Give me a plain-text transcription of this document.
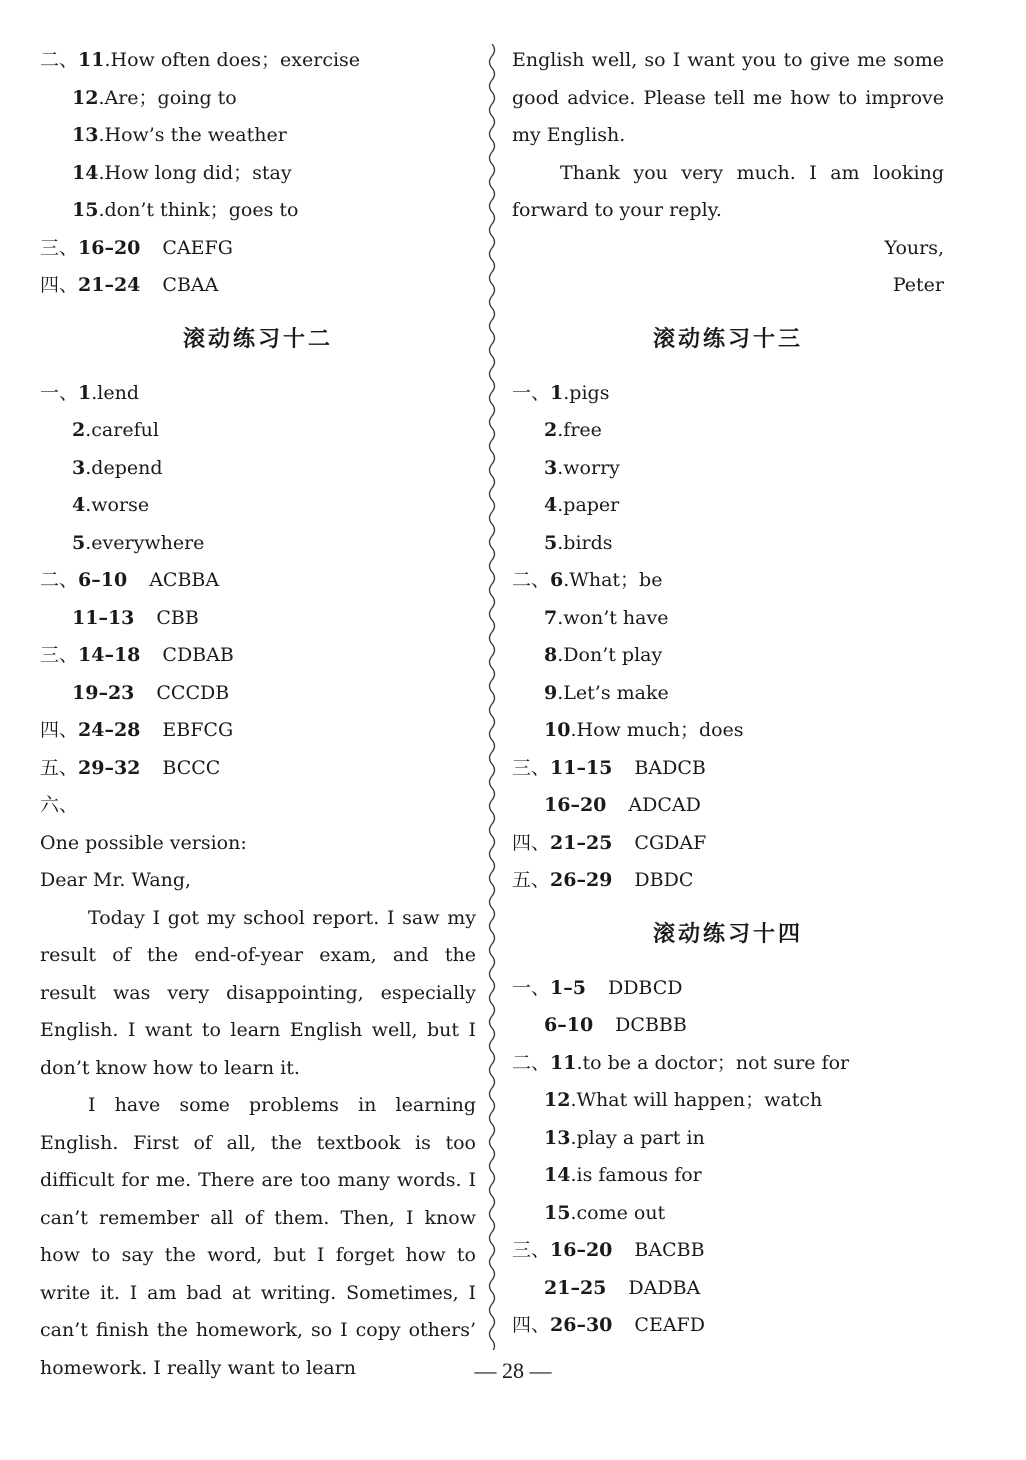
二、11.How often does；exercise
12.Are；going to
13.How’s the weather
14.How long did；stay
15.don’t think；goes to
三、16–20 CAEFG
四、21–24 CBAA
滚动练习十二
一、1.lend
2.careful
3.depend
4.worse
5.everywhere
二、6–10 ACBBA
11–13 CBB
三、14–18 CDBAB
19–23 CCCDB
四、24–28 EBFCG
五、29–32 BCCC
六、
One possible version:
Dear Mr. Wang,

Today I got my school report. I saw my result of the end-of-year exam, and the result was very disappointing, especially English. I want to learn English well, but I don’t know how to learn it.

I have some problems in learning English. First of all, the textbook is too difficult for me. There are too many words. I can’t remember all of them. Then, I know how to say the word, but I forget how to write it. I am bad at writing. Sometimes, I can’t finish the homework, so I copy others’ homework. I really want to learn

English well, so I want you to give me some good advice. Please tell me how to improve my English.

Thank you very much. I am looking forward to your reply.

Yours,
Peter
滚动练习十三
一、1.pigs
2.free
3.worry
4.paper
5.birds
二、6.What；be
7.won’t have
8.Don’t play
9.Let’s make
10.How much；does
三、11–15 BADCB
16–20 ADCAD
四、21–25 CGDAF
五、26–29 DBDC
滚动练习十四
一、1–5 DDBCD
6–10 DCBBB
二、11.to be a doctor；not sure for
12.What will happen；watch
13.play a part in
14.is famous for
15.come out
三、16–20 BACBB
21–25 DADBA
四、26–30 CEAFD
— 28 —
